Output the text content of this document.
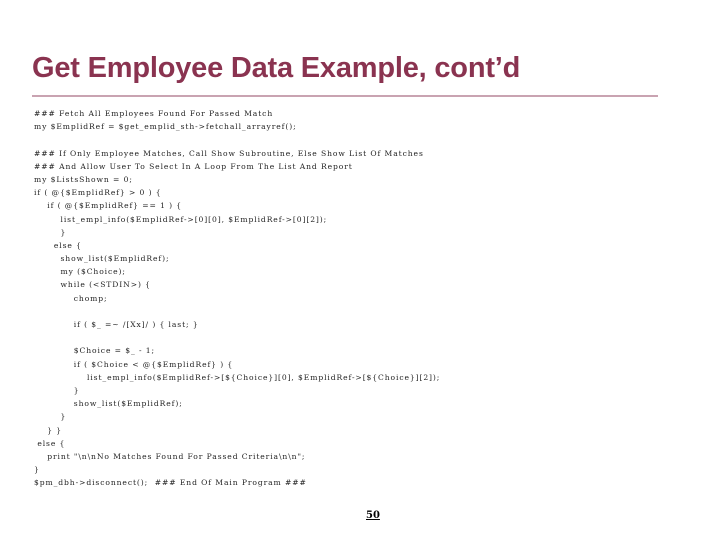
Get Employee Data Example, cont’d
### Fetch All Employees Found For Passed Match
my $EmplidRef = $get_emplid_sth->fetchall_arrayref();
### If Only Employee Matches, Call Show Subroutine, Else Show List Of Matches
### And Allow User To Select In A Loop From The List And Report
my $ListsShown = 0;
if ( @{$EmplidRef} > 0 ) {
if ( @{$EmplidRef} == 1 ) {
list_empl_info($EmplidRef->[0][0], $EmplidRef->[0][2]);
}
else {
show_list($EmplidRef);
my ($Choice);
while (<STDIN>) {
chomp;
if ( $_ =~ /[Xx]/ ) { last; }
$Choice = $_ - 1;
if ( $Choice < @{$EmplidRef} ) {
list_empl_info($EmplidRef->[${Choice}][0], $EmplidRef->[${Choice}][2]);
}
show_list($EmplidRef);
}
} }
else {
print "\n\nNo Matches Found For Passed Criteria\n\n";
}
$pm_dbh->disconnect();  ### End Of Main Program ###
50
